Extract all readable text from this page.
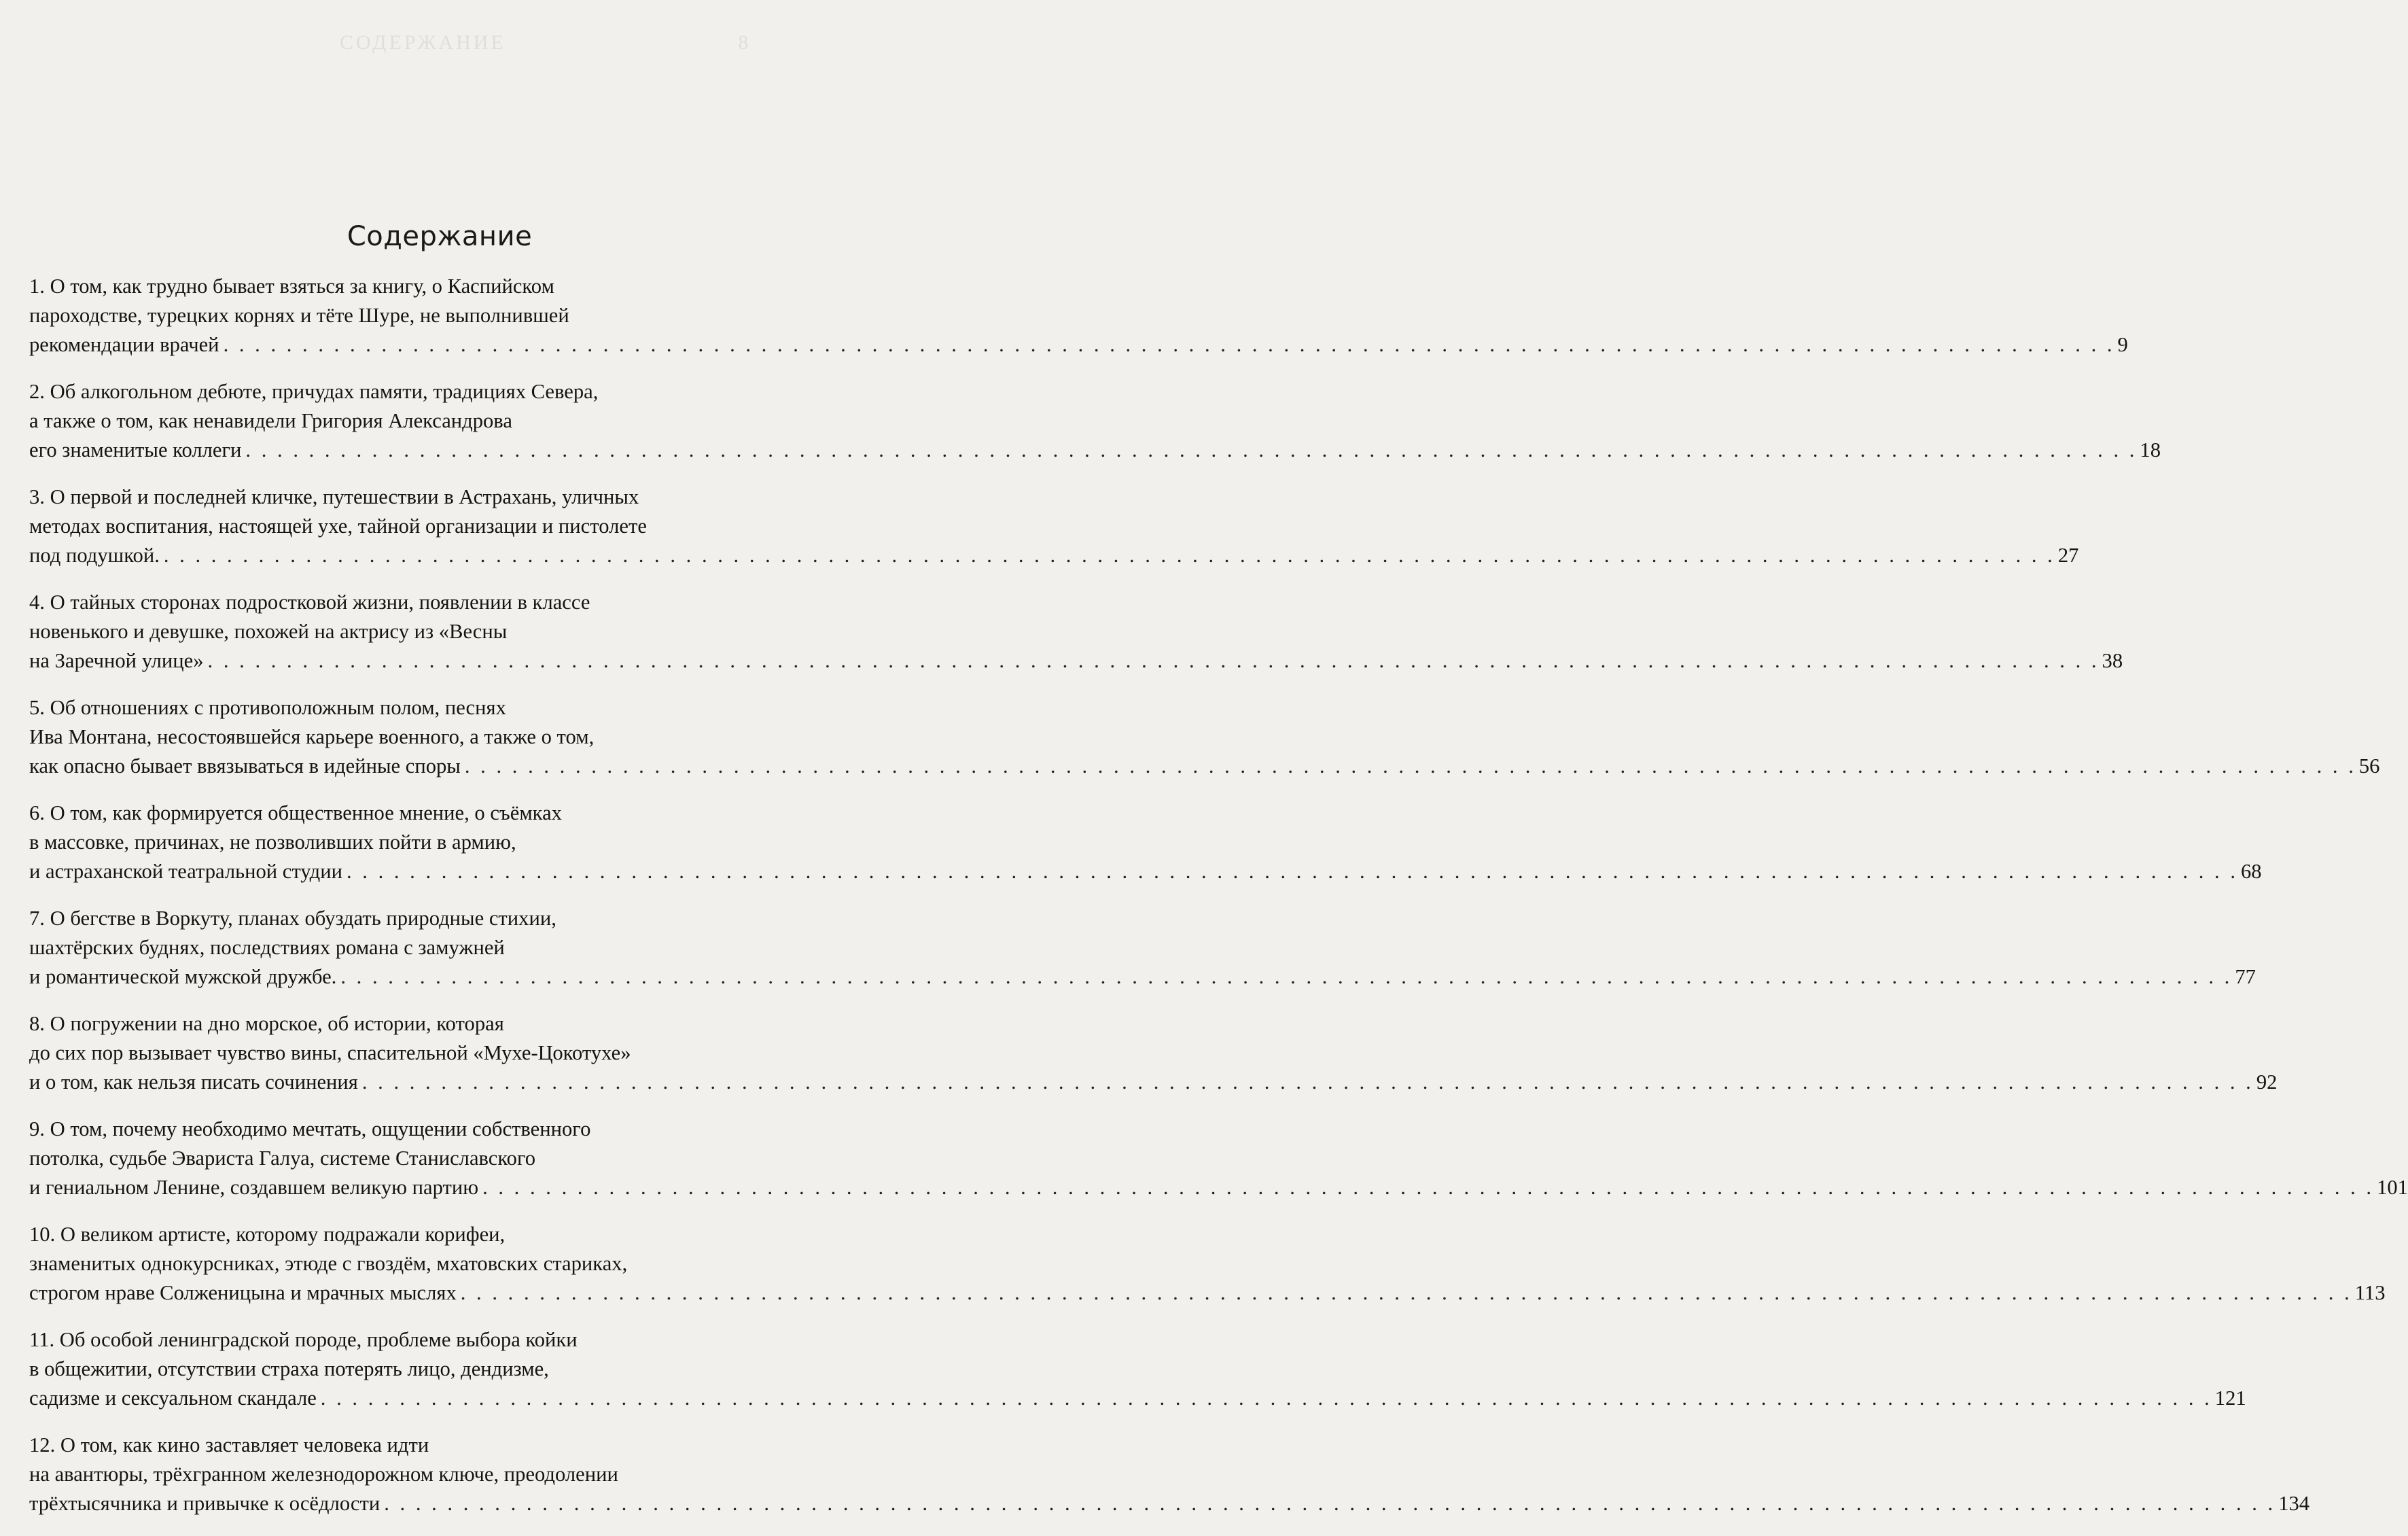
СОДЕРЖАНИЕ	8
Содержание
1. О том, как трудно бывает взяться за книгу, о Каспийском
пароходстве, турецких корнях и тёте Шуре, не выполнившей
рекомендации врачей . . . . . . . . . . . . . . . . . . . . . . . . . . . . . . . . . . . . . . . . . . . . . . . . . . . . . . . . . . . . . . . . . . . . . . . . . . . . . . . . . . . . . . . . . . . . . . . . . . . . . . . . . . . . . . . . . . . . . . . . 9
2. Об алкогольном дебюте, причудах памяти, традициях Севера,
а также о том, как ненавидели Григория Александрова
его знаменитые коллеги . . . . . . . . . . . . . . . . . . . . . . . . . . . . . . . . . . . . . . . . . . . . . . . . . . . . . . . . . . . . . . . . . . . . . . . . . . . . . . . . . . . . . . . . . . . . . . . . . . . . . . . . . . . . . . . . . . . . . . . . 18
3. О первой и последней кличке, путешествии в Астрахань, уличных
методах воспитания, настоящей ухе, тайной организации и пистолете
под подушкой. . . . . . . . . . . . . . . . . . . . . . . . . . . . . . . . . . . . . . . . . . . . . . . . . . . . . . . . . . . . . . . . . . . . . . . . . . . . . . . . . . . . . . . . . . . . . . . . . . . . . . . . . . . . . . . . . . . . . . . . . 27
4. О тайных сторонах подростковой жизни, появлении в классе
новенького и девушке, похожей на актрису из «Весны
на Заречной улице» . . . . . . . . . . . . . . . . . . . . . . . . . . . . . . . . . . . . . . . . . . . . . . . . . . . . . . . . . . . . . . . . . . . . . . . . . . . . . . . . . . . . . . . . . . . . . . . . . . . . . . . . . . . . . . . . . . . . . . . . 38
5. Об отношениях с противоположным полом, песнях
Ива Монтана, несостоявшейся карьере военного, а также о том,
как опасно бывает ввязываться в идейные споры . . . . . . . . . . . . . . . . . . . . . . . . . . . . . . . . . . . . . . . . . . . . . . . . . . . . . . . . . . . . . . . . . . . . . . . . . . . . . . . . . . . . . . . . . . . . . . . . . . . . . . . . . . . . . . . . . . . . . . . . 56
6. О том, как формируется общественное мнение, о съёмках
в массовке, причинах, не позволивших пойти в армию,
и астраханской театральной студии . . . . . . . . . . . . . . . . . . . . . . . . . . . . . . . . . . . . . . . . . . . . . . . . . . . . . . . . . . . . . . . . . . . . . . . . . . . . . . . . . . . . . . . . . . . . . . . . . . . . . . . . . . . . . . . . . . . . . . . . 68
7. О бегстве в Воркуту, планах обуздать природные стихии,
шахтёрских буднях, последствиях романа с замужней
и романтической мужской дружбе. . . . . . . . . . . . . . . . . . . . . . . . . . . . . . . . . . . . . . . . . . . . . . . . . . . . . . . . . . . . . . . . . . . . . . . . . . . . . . . . . . . . . . . . . . . . . . . . . . . . . . . . . . . . . . . . . . . . . . . . . 77
8. О погружении на дно морское, об истории, которая
до сих пор вызывает чувство вины, спасительной «Мухе-Цокотухе»
и о том, как нельзя писать сочинения . . . . . . . . . . . . . . . . . . . . . . . . . . . . . . . . . . . . . . . . . . . . . . . . . . . . . . . . . . . . . . . . . . . . . . . . . . . . . . . . . . . . . . . . . . . . . . . . . . . . . . . . . . . . . . . . . . . . . . . . 92
9. О том, почему необходимо мечтать, ощущении собственного
потолка, судьбе Эвариста Галуа, системе Станиславского
и гениальном Ленине, создавшем великую партию . . . . . . . . . . . . . . . . . . . . . . . . . . . . . . . . . . . . . . . . . . . . . . . . . . . . . . . . . . . . . . . . . . . . . . . . . . . . . . . . . . . . . . . . . . . . . . . . . . . . . . . . . . . . . . . . . . . . . . . . 101
10. О великом артисте, которому подражали корифеи,
знаменитых однокурсниках, этюде с гвоздём, мхатовских стариках,
строгом нраве Солженицына и мрачных мыслях . . . . . . . . . . . . . . . . . . . . . . . . . . . . . . . . . . . . . . . . . . . . . . . . . . . . . . . . . . . . . . . . . . . . . . . . . . . . . . . . . . . . . . . . . . . . . . . . . . . . . . . . . . . . . . . . . . . . . . . . 113
11. Об особой ленинградской породе, проблеме выбора койки
в общежитии, отсутствии страха потерять лицо, дендизме,
садизме и сексуальном скандале . . . . . . . . . . . . . . . . . . . . . . . . . . . . . . . . . . . . . . . . . . . . . . . . . . . . . . . . . . . . . . . . . . . . . . . . . . . . . . . . . . . . . . . . . . . . . . . . . . . . . . . . . . . . . . . . . . . . . . . . 121
12. О том, как кино заставляет человека идти
на авантюры, трёхгранном железнодорожном ключе, преодолении
трёхтысячника и привычке к осёдлости . . . . . . . . . . . . . . . . . . . . . . . . . . . . . . . . . . . . . . . . . . . . . . . . . . . . . . . . . . . . . . . . . . . . . . . . . . . . . . . . . . . . . . . . . . . . . . . . . . . . . . . . . . . . . . . . . . . . . . . . 134
